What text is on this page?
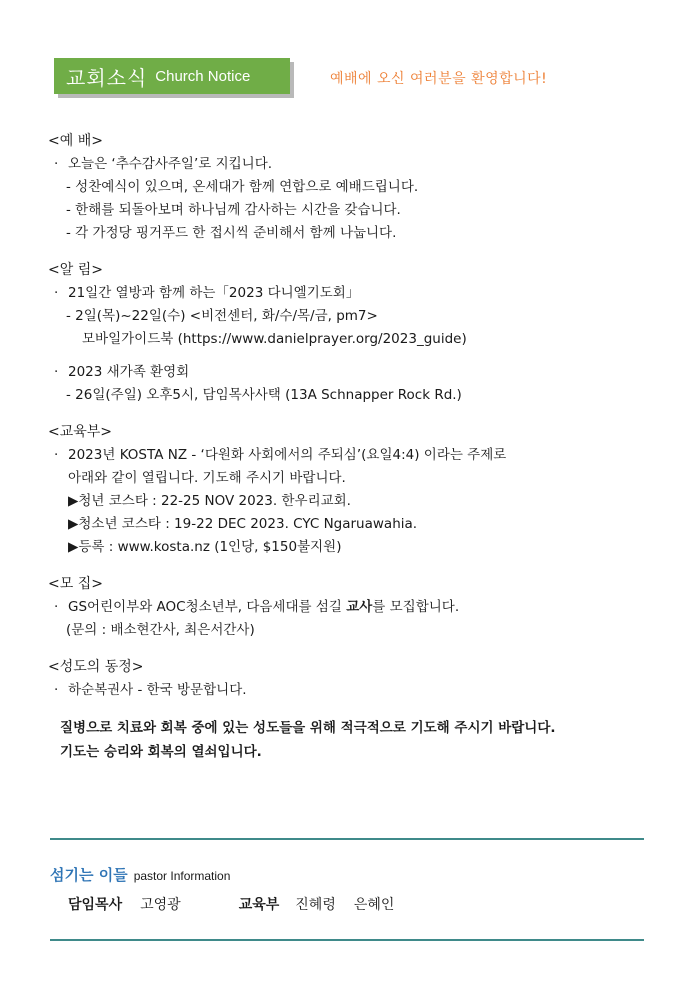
교회소식 Church Notice	예배에 오신 여러분을 환영합니다!
<예 배>
· 오늘은 ‘추수감사주일’로 지킵니다.
- 성찬예식이 있으며, 온세대가 함께 연합으로 예배드립니다.
- 한해를 되돌아보며 하나님께 감사하는 시간을 갖습니다.
- 각 가정당 핑거푸드 한 접시씩 준비해서 함께 나눕니다.
<알 림>
· 21일간 열방과 함께 하는「2023 다니엘기도회」
- 2일(목)~22일(수) <비전센터, 화/수/목/금, pm7>
모바일가이드북 (https://www.danielprayer.org/2023_guide)
· 2023 새가족 환영회
- 26일(주일) 오후5시, 담임목사사택 (13A Schnapper Rock Rd.)
<교육부>
· 2023년 KOSTA NZ - ‘다원화 사회에서의 주되심’(요일4:4) 이라는 주제로
아래와 같이 열립니다. 기도해 주시기 바랍니다.
▶청년 코스타 : 22-25 NOV 2023. 한우리교회.
▶청소년 코스타 : 19-22 DEC 2023. CYC Ngaruawahia.
▶등록 : www.kosta.nz (1인당, $150불지원)
<모 집>
· GS어린이부와 AOC청소년부, 다음세대를 섬길 교사를 모집합니다.
(문의 : 배소현간사, 최은서간사)
<성도의 동정>
· 하순복권사 - 한국 방문합니다.
질병으로 치료와 회복 중에 있는 성도들을 위해 적극적으로 기도해 주시기 바랍니다.
기도는 승리와 회복의 열쇠입니다.
섬기는 이들 pastor Information
담임목사 고영광	교육부 진혜령 은혜인
